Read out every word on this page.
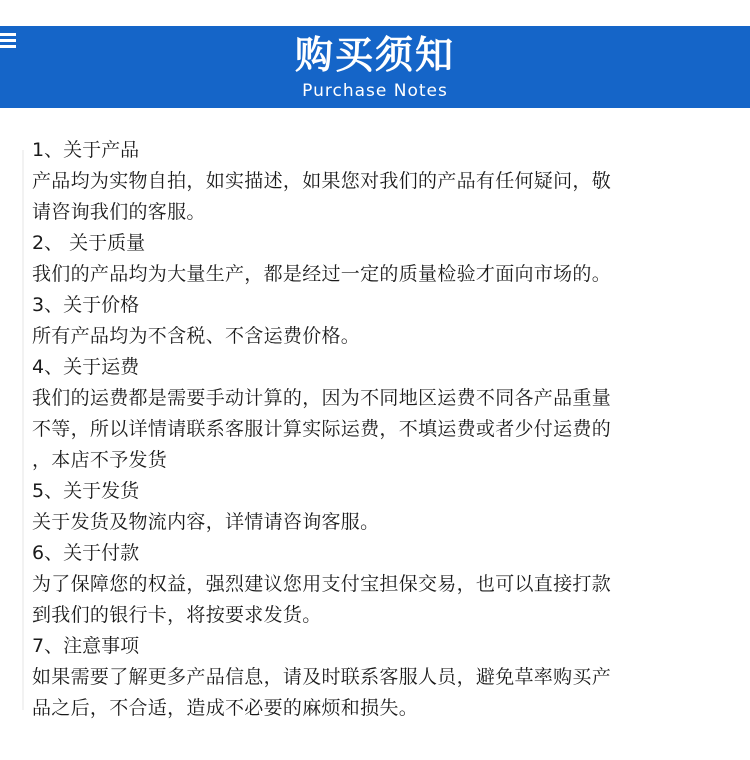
购买须知
Purchase Notes

1、关于产品

产品均为实物自拍，如实描述，如果您对我们的产品有任何疑问，敬

请咨询我们的客服。

2、 关于质量

我们的产品均为大量生产，都是经过一定的质量检验才面向市场的。

3、关于价格

所有产品均为不含税、不含运费价格。

4、关于运费

我们的运费都是需要手动计算的，因为不同地区运费不同各产品重量

不等，所以详情请联系客服计算实际运费，不填运费或者少付运费的

，本店不予发货

5、关于发货

关于发货及物流内容，详情请咨询客服。

6、关于付款

为了保障您的权益，强烈建议您用支付宝担保交易，也可以直接打款

到我们的银行卡，将按要求发货。

7、注意事项

如果需要了解更多产品信息，请及时联系客服人员，避免草率购买产

品之后，不合适，造成不必要的麻烦和损失。
